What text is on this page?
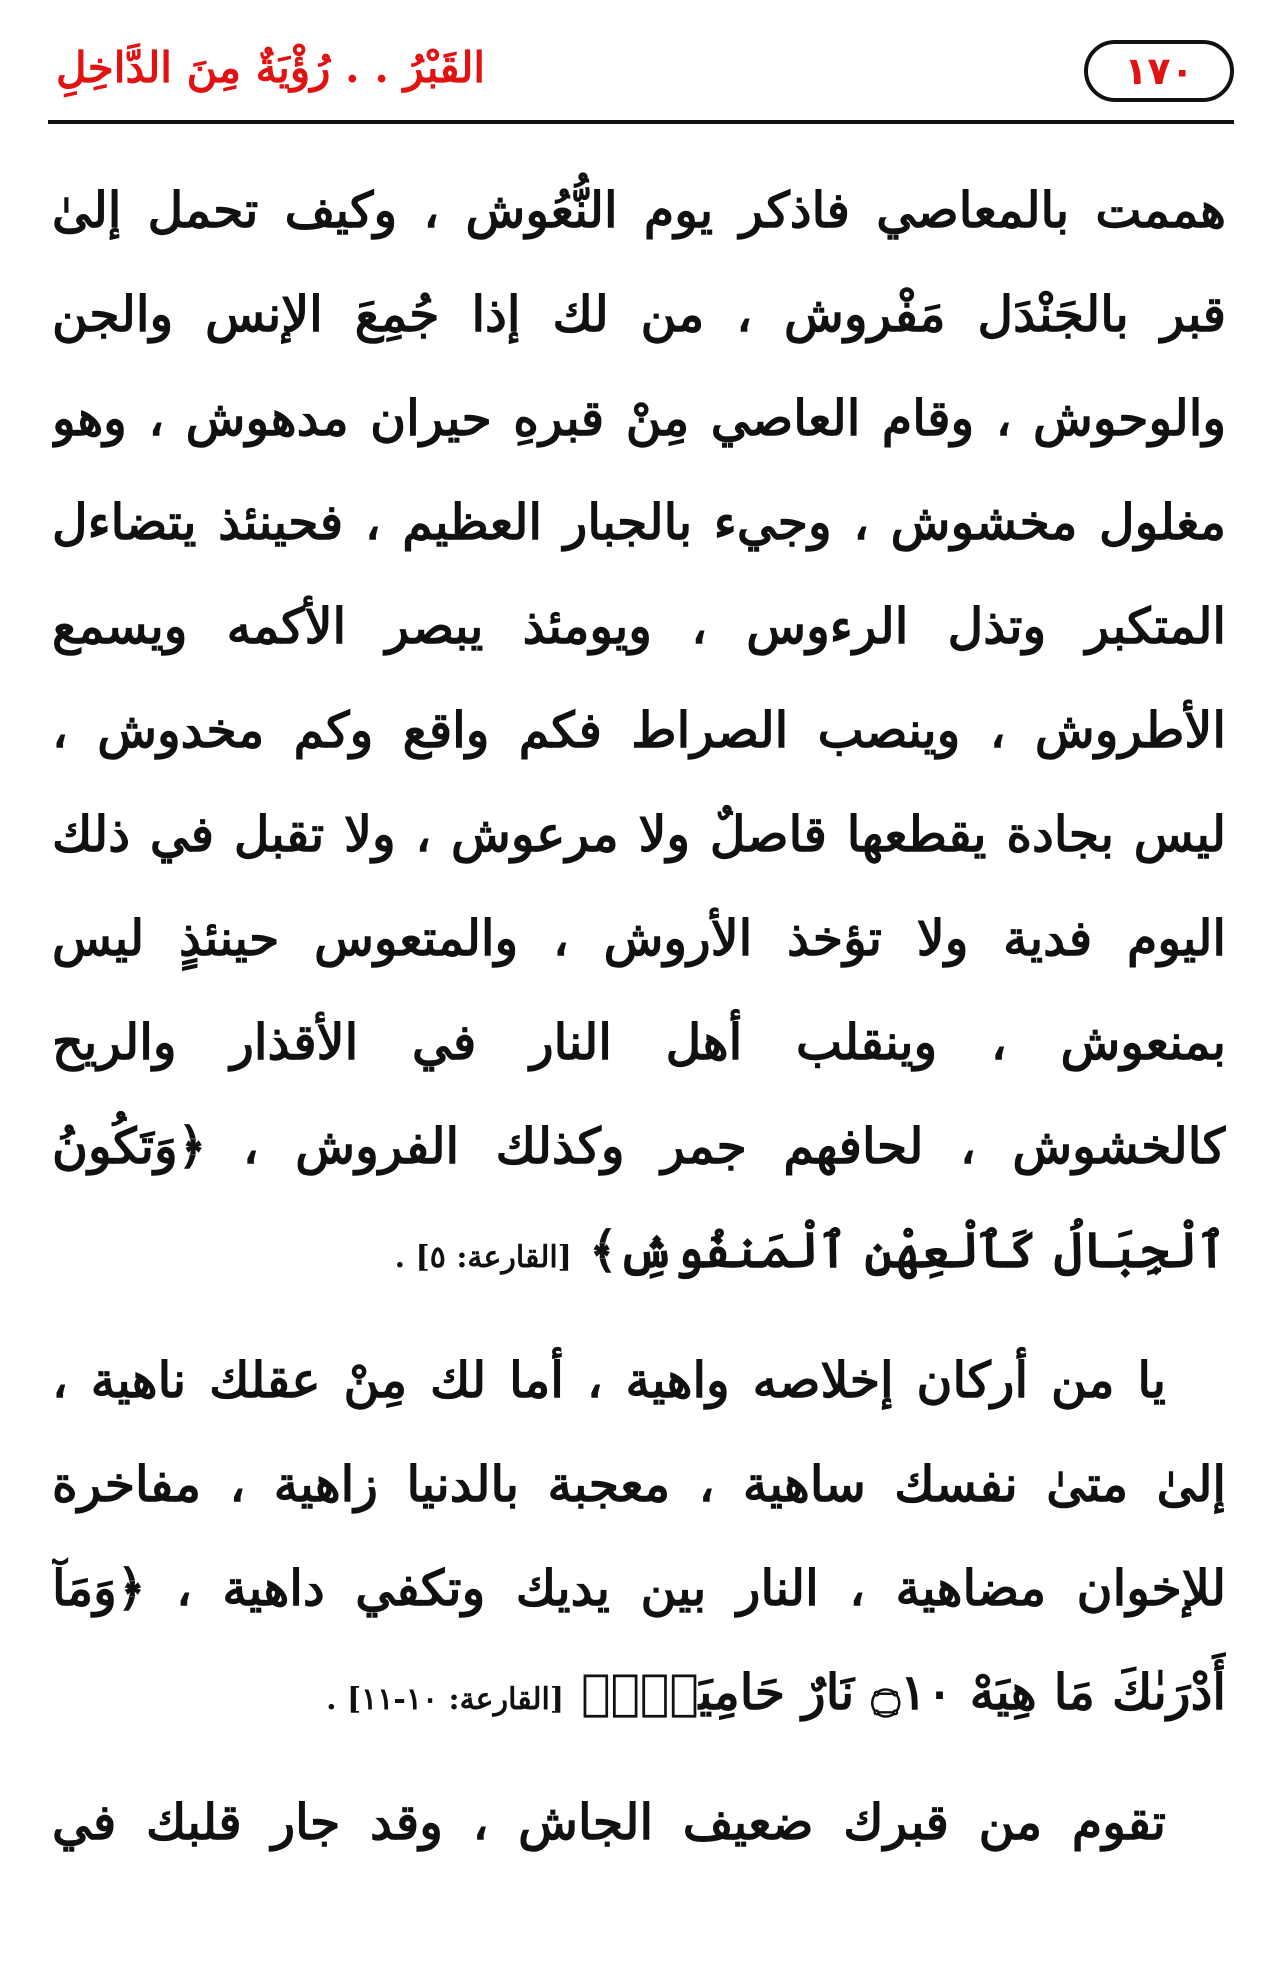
١٧٠
القَبْرُ . . رُؤْيَةٌ مِنَ الدَّاخِلِ
هممت بالمعاصي فاذكر يوم النُّعُوش ، وكيف تحمل إلىٰ
قبر بالجَنْدَل مَفْروش ، من لك إذا جُمِعَ الإنس والجن
والوحوش ، وقام العاصي مِنْ قبرهِ حيران مدهوش ، وهو
مغلول مخشوش ، وجيء بالجبار العظيم ، فحينئذ يتضاءل
المتكبر وتذل الرءوس ، ويومئذ يبصر الأكمه ويسمع
الأطروش ، وينصب الصراط فكم واقع وكم مخدوش ،
ليس بجادة يقطعها قاصلٌ ولا مرعوش ، ولا تقبل في ذلك
اليوم فدية ولا تؤخذ الأروش ، والمتعوس حينئذٍ ليس
بمنعوش ، وينقلب أهل النار في الأقذار والريح
كالخشوش ، لحافهم جمر وكذلك الفروش ، ﴿وَتَكُونُ
ٱلْجِبَالُ كَٱلْعِهْنِ ٱلْمَنفُوشِ﴾ [القارعة: ٥] .
يا من أركان إخلاصه واهية ، أما لك مِنْ عقلك ناهية ،
إلىٰ متىٰ نفسك ساهية ، معجبة بالدنيا زاهية ، مفاخرة
للإخوان مضاهية ، النار بين يديك وتكفي داهية ، ﴿وَمَآ
أَدْرَىٰكَ مَا هِيَهْ ۝١٠ نَارٌ حَامِيَةٌۢ﴾ [القارعة: ١٠-١١] .
تقوم من قبرك ضعيف الجاش ، وقد جار قلبك في
